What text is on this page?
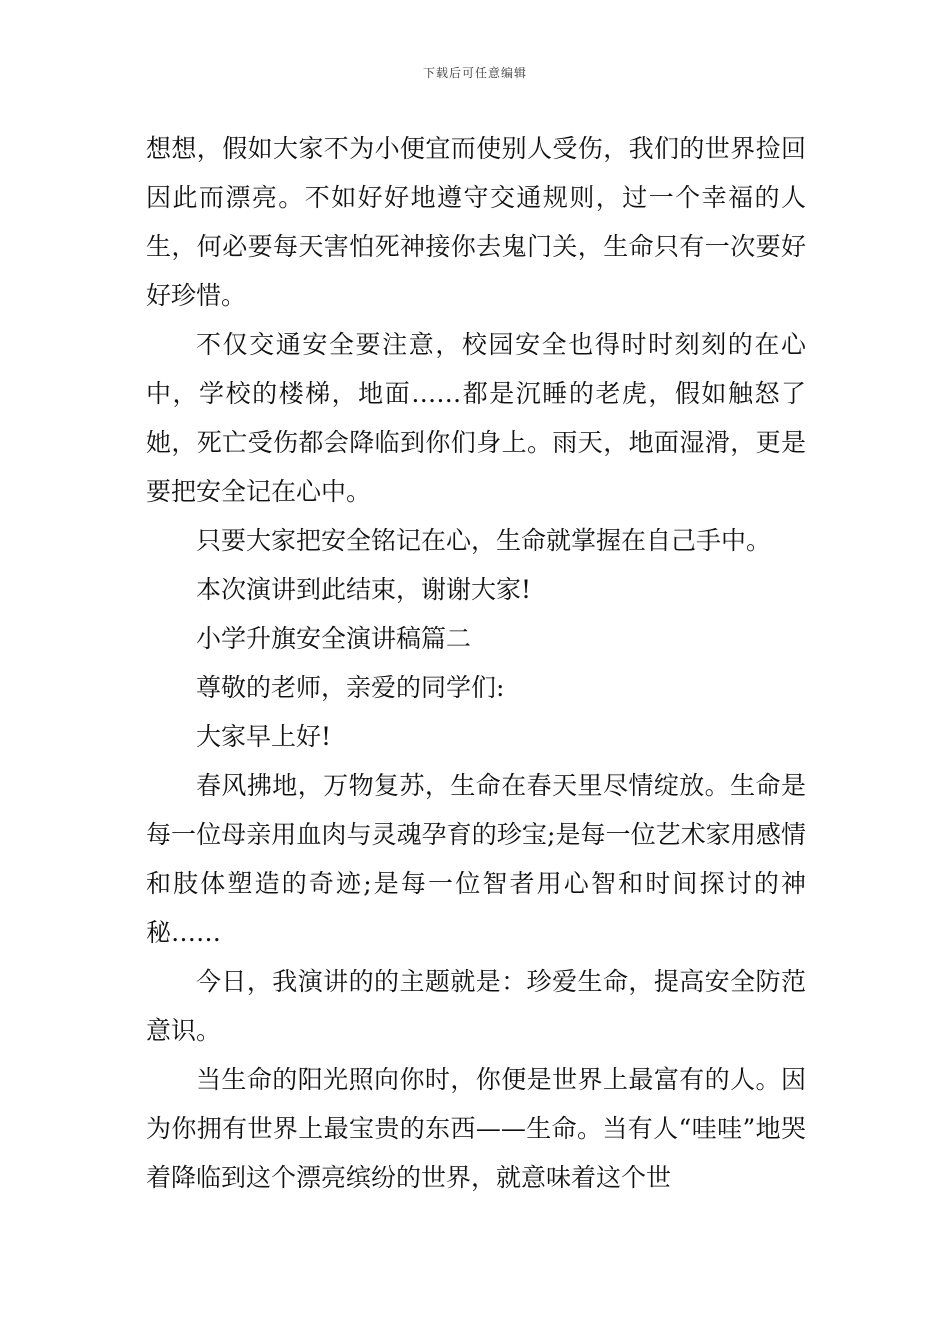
下载后可任意编辑

想想，假如大家不为小便宜而使别人受伤，我们的世界捡回因此而漂亮。不如好好地遵守交通规则，过一个幸福的人生，何必要每天害怕死神接你去鬼门关，生命只有一次要好好珍惜。

不仅交通安全要注意，校园安全也得时时刻刻的在心中，学校的楼梯，地面……都是沉睡的老虎，假如触怒了她，死亡受伤都会降临到你们身上。雨天，地面湿滑，更是要把安全记在心中。

只要大家把安全铭记在心，生命就掌握在自己手中。

本次演讲到此结束，谢谢大家!

小学升旗安全演讲稿篇二

尊敬的老师，亲爱的同学们:

大家早上好!

春风拂地，万物复苏，生命在春天里尽情绽放。生命是每一位母亲用血肉与灵魂孕育的珍宝;是每一位艺术家用感情和肢体塑造的奇迹;是每一位智者用心智和时间探讨的神秘……

今日，我演讲的的主题就是：珍爱生命，提高安全防范意识。

当生命的阳光照向你时，你便是世界上最富有的人。因为你拥有世界上最宝贵的东西——生命。当有人“哇哇”地哭着降临到这个漂亮缤纷的世界，就意味着这个世
